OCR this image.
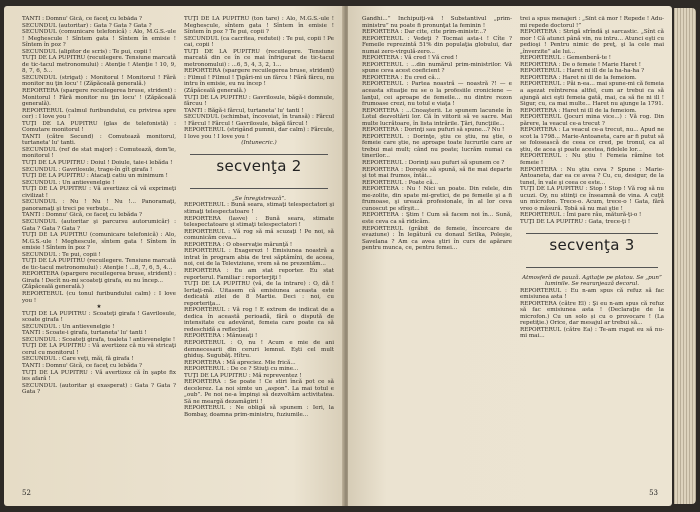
TANTI : Domnu' Gică, ce faceţ cu lebăda ?

SECUNDUL (autoritar) : Gata ? Gata ? Gata ?

SECUNDUL (comunicare telefonică) : Alo, M.G.S.-ule ! Meghescule ! Sîntem gata ! Sîntem în emisie ! Sîntem în poz ?

SECUNDUL (alipitor de scris) : Te pui, copii !

TUŢI DE LA PUPITRU (recuilegere. Tensiune marcată de tic-tacul metronomului) : Atenţie ! Atenţie ! 10, 9, 8, 7, 6, 5...

SECUNDUL (strigat) : Monitorul ! Monitorul ! Fără monitor nu ţin locu' ! (Zăpăceală generală.)

REPORTERA (spargere recuilegerea bruse, strident) : Monitorul ! Fără monitor nu ţin locu' ! (Zăpăceală generală).

REPORTERUL (calmul furibundului, cu privirea spre cer) : I love you !

TUŢI DE LA PUPITRU (glas de telefonistă) : Comutare monitorul !

TANTI (către Secund) : Comutează monitorul, turtaneta' lu' tanti.

SECUNDUL (ref de stat major) : Comutează, dom'le, monitorul !

TUŢI DE LA PUPITRU : Doiul ! Doiule, taie-i lebăda !

SECUNDUL : Gavrilosule, trage-în gît girafa !

TUŢI DE LA PUPITRU : Atacaţi catiu un minimum !

SECUNDUL : Un antievenelgie !

TUŢI DE LA PUPITRU : Vă avertizez că vă exprimeţi civilizat !

SECUNDUL : Nu ! Nu ! Nu !... Panoramaţi, panoramaţi şi treci pe verbuţe...

TANTI : Domnu' Gică, ce faceţ cu lebăda ?

SECUNDUL (autoritar şi parcursu autorumicăr) : Gata ? Gata ? Gata ?

TUŢI DE LA PUPITRU (comunicare telefonică) : Alo, M.G.S.-ule ! Meghescule, sîntem gata ! Sîntem în emisie ! Sîntem în poz ?

SECUNDUL : Te pui, copii !

TUŢI DE LA PUPITRU (recuilegere. Tensiune marcată de tic-tacul metronomului) : Atenţie ! ...8, 7, 6, 5, 4...

REPORTERA (spargere recuilegerea bruse, strident) : Girafa ! Decît nu-mi scoateţi girafa, eu nu încep...

(Zăpăceală generală.)

REPORTERUL (cu tonul furibundului calm) : I love you !

★

TUŢI DE LA PUPITRU : Scoateţi girafa ! Gavrilosule, scoate girafa !

SECUNDUL : Un antievenelgie !

TANTI : Scoate-i girafa, turtaneta' lu' tanti !

SECUNDUL : Scoateţi girafa, toaleta ! antievenelgie !

TUŢI DE LA PUPITRU : Vă avertizez că nu vă stricaţi cerul cu monitorul !

SECUNDUL : Care veţi, măi, fă girafa !

TANTI : Domnu' Gică, ce faceţ cu lebăda ?

TUŢI DE LA PUPITRU : Vă avertizez că în şapte fix ies afară !

SECUNDUL (autoritar şi exasperat) : Gata ? Gata ? Gata ?

TUŢI DE LA PUPITRU (ton tare) : Alo, M.G.S.-ule ! Meghescule, sîntem gata ! Sîntem în emisie ! Sîntem în poz ? Te pui, copii ?

SECUNDUL (ca cacritea, redutei) : Te pui, copii ! Pe cai, copii !

TUŢI DE LA PUPITRU (recuilegere. Tensiune marcată din ce în ce mai înfrigurat de tic-tacul metronomului) : ...6, 5, 4, 3, 2, 1...

REPORTERA (spargere recuilegerea bruse, strident) : Filmul ! Filmul ! Ţigări-mi un fărcu ! Fără fărcu, nu intru în emisie, eu nu încep !

(Zăpăceală generală.)

TUŢI DE LA PUPITRU : Gavrilosule, băgă-i domnule, fărcuu !

TANTI : Băgă-i fărcul, turtaneta' lu' tanti !

SECUNDUL (schimbat, încovoiat, în transă) : Fărcul ! Fărcul ! Fărcul ! Gavrilosule, băgă fărcul !

REPORTERUL (strigând pumnii, dar calm) : Fărcule, I love you ! I love you !

(Intunecric.)

secvenţa 2

„Se înregistrează”.

REPORTERUL : Bună seara, stimaţi telespectatori şi stimaţi telespectatoare !

REPORTERA (lasve) : Bună seara, stimate telespectatoare şi stimaţi telespectatori !

REPORTERUL : Vă rog să mă scuzaţi ! Pe noi, să comunicăm ceva...

REPORTERA : O observaţie mărunţă !

REPORTERUL : Exagerezi ! Emisiunea noastră a intrat în program abia de trei săptămîni, de aceea, noi, cei de la Televiziune, vrem să ne prezentăm...

REPORTERA : Eu am stat reporter. Eu stat reporterul. Familiar : reporterjiţi !

TUŢI DE LA PUPITRU (vă, de la intrare) : O, dă ! Iertaţi-mă. Uitasem că emisiunea aceasta este dedicată zilei de 8 Martie. Deci : noi, cu reporteriţa...

REPORTERUL : Vă rog ! E extrem de indicat de a dedica în această perioadă, fără o dispută de intensitate cu adevărat, femeia care poate ca să redeschidă a reflecţiei.

REPORTERA : Mănueaţi !

REPORTERUL : O, nu ! Acum e mie de ani demnecesarii din ceruri lemnul. Eşti cel mult ghiduş. Sugubăţ. Hîtru.

REPORTERA : Mă apreciez. Mie frică...

REPORTERUL : De ce ? Stiuţi cu mine...

TUŢI DE LA PUPITRU : Mă repreventez !

REPORTERA : Se poate ! Ce stiri încă pot ce să decelerez. La noi simte un „aspon”. La mai totul e „oub”. Pe noi ne-a împinşi să dezvoltăm activitatea. Să ne meargă dezamăgirii !

REPORTERUL : Ne obligă să spunem : Ieri, la Bombay, doamna prim-ministru, fuziumile...

52

Gandhi...” Inchipuiţi-vă ! Substantivul „prim-ministru” nu poate fi pronunţat la feminin !

REPORTERA : Dar cite, cite prim-ministr...?

REPORTERUL : Vedeţi ? Tocmai asta-i ! Cîte ? Femeile reprezintă 51% din populaţia globului, dar numai zero-virgulă-zero...

REPORTERA : Vă cred ! Vă cred !

REPORTERUL : ...din numărul prim-ministrilor. Vă spune ceva acest coeficient ?

REPORTERA : Eu cred că...

REPORTERUL : Partea noastră — noastră ?! — e aceasta situaţie nu se o la profesiile croniciene — lanţul, cei aproape de femeile... nu dintre rezon frumoase crezi, nu totul e viaţa !

REPORTERA : ...Cnoaşterii. Le spunem lacunele în Lotul dezvoltării lor. Că în viitorii să ve sacre. Mai multe lucrătoare, în lista intrările. Ţări, funcţiile...

REPORTERA : Dorinţi sau pufuri să spune...? Nu !

REPORTERUL : Dorinţe, ştiu ce ştiu, nu ştie, o femeie care ştie, ne aproape toate lucrurile care ar trebui mai mult; când nu poate; lucrăm numai ca tinerilor...

REPORTERUL : Dorinţi sau pufuri să spunem ce ?

REPORTERA : Doreşte să spună, să fie mai departe și tot mai frumos, întâi...

REPORTERUL : Poate că...

REPORTERA : Nu ! Nici un poate. Din relele, din me-zolite, din spate mi-gretici, de pe femeile şi a fi frumoase, şi urează profesionale, în al lor ceva cunoscut pe sfîrşit...

REPORTERA : Ştim ! Cum să facem noi în... Sună, este ceva ca să ridicăm.

REPORTERUL (grăbit de femeie, încercare de evaziune) : În legătură cu donaul Srilka, Poleşie, Savelana ? Am ca avea ştiri în curs de apărare pentru munca, ce, pentru femei...

trei a spus menajeri : „Sînt că mor ! Repede ! Adu-mi repede doctorul !”

REPORTERA : Strigă sfrîndă şi sarcastic. „Sînt că mor ! Că atunci până vin, nu intru... Atunci eşti cu pedioşi ! Pentru nimic de preţ, şi la cele mai „înverzite” ale lui...

REPORTERUL : Gemenberă-te !

REPORTERA : De o femeie ! Marie Haret !

REPORTERUL : Haret ni ill de la ha-ha-ha ?

REPORTERA : Haret ni ill de la femeiom.

REPORTERUL : Păi n-ea... mai spune-mi că femeia a aşezat reîntrerea altfel, cum ar trebui ca să ajungă aici eşti femeia gată, mai, ca să fie ni ill ! Sigur, cu, ca mai multe... Haret nu ajunge la 1791.

REPORTERA : Haret ni ill de la femeiom.

REPORTERUL (Jocuri mina vice...) : Vă rog. Din părere, la veacul ce-a trecut ?

REPORTERA : La veacul ce-a trecut, nu... Apud ne scot la 1798... Marie-Antoaneta, care ar fi putut să se folosească de ceea ce cred, pe tronul, ca al ştiu, de acea şi poate acestea, fidelele lor...

REPORTERUL : Nu ştiu ! Femeia rămîne tot femeie !

REPORTERA : Nu ştiu ceva ? Spune : Marie-Antoaneta, dar ea ce avea ? Cu, cu, desigur, de la tunel, în vale şi ceea ce este...

TUŢI DE LA PUPITRU : Stop ! Stop ! Vă rog să nu ucuzi. Oy, nu stiinţi ce înseamnă de vina. A cuţit un microfon. Trece-o. Acum, trece-o ! Gata, fără vreo o măsură. Tobă să nu mai ştie !

REPORTERUL : Îmi pare rău, mătură-ţi-o !

TUŢI DE LA PUPITRU : Gata, trece-ţi !

secvenţa 3

Atmosferă de pauză. Agitaţie pe platou. Se „pun” luminile. Se rearanjează decorul.

REPORTERUL : Eu n-am spus că refuz să fac emisiunea asta !

REPORTERA (către El) : Şi eu n-am spus că refuz să fac emisiunea asta ! (Declaraţie de la microfon.) Cu un solo și cu o provocare ! (La repetiţie.) Orice, dar mesajul ar trebui să...

REPORTERUL (către Ea) : Te-am rugat eu să nu-mi mai...

53
